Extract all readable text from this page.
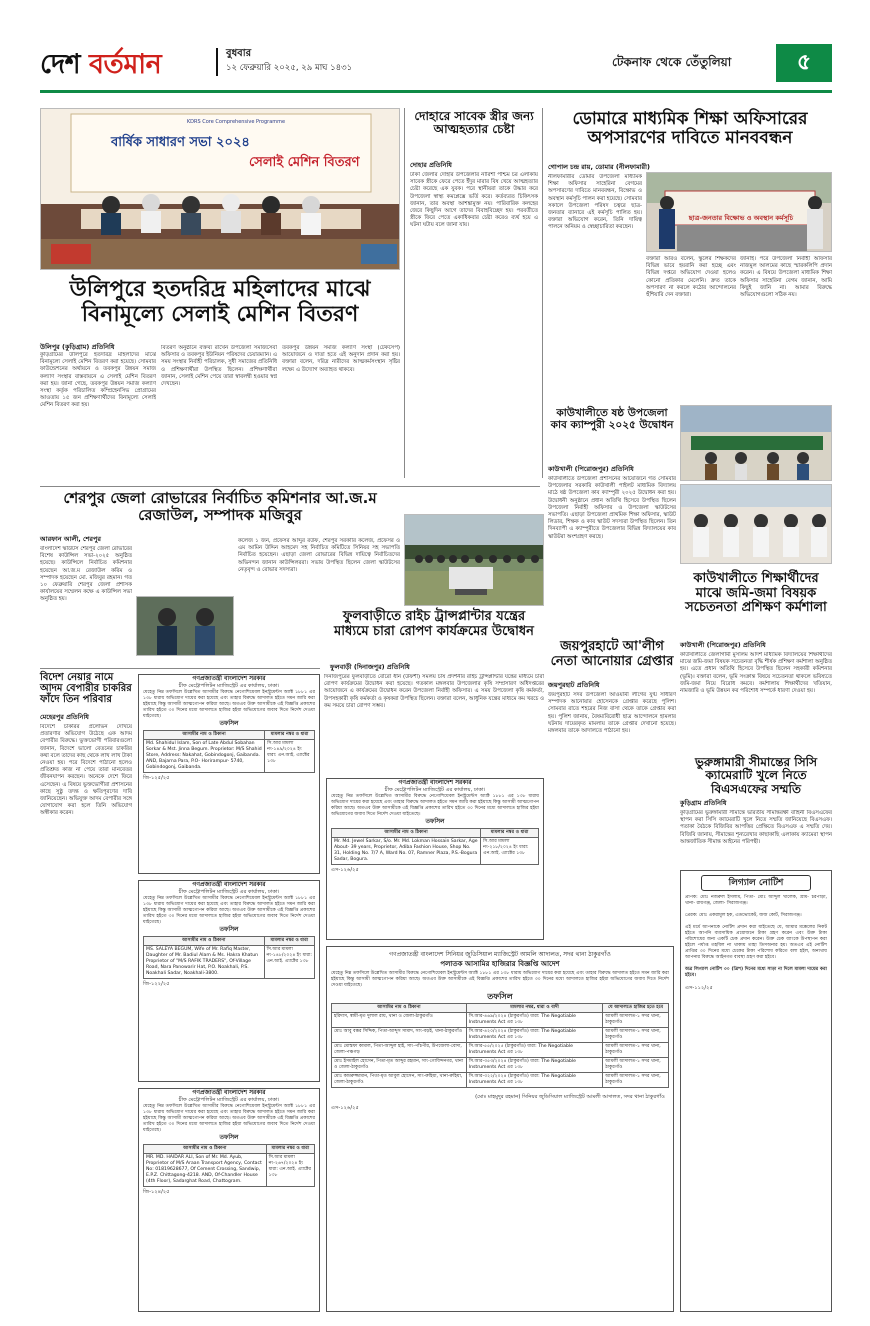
দেশ বর্তমান	বুধবার
১২ ফেব্রুয়ারি ২০২৫, ২৯ মাঘ ১৪৩১	টেকনাফ থেকে তেঁতুলিয়া	৫
KDRS Core Comprehensive Programme
বার্ষিক সাধারণ সভা ২০২৪
সেলাই মেশিন বিতরণ
উলিপুরে হতদরিদ্র মহিলাদের মাঝে বিনামূল্যে সেলাই মেশিন বিতরণ
উলিপুর (কুড়িগ্রাম) প্রতিনিধি
কুড়িগ্রামের উলিপুরে হতদরিদ্র মহিলাদের মাঝে বিনামূল্যে সেলাই মেশিন বিতরণ করা হয়েছে। সোমবার ফাউন্ডেশনের অর্থায়নে ও তবকপুর উন্নয়ন সমাজ কল্যাণ সংস্থার বাস্তবায়নে এ সেলাই মেশিন বিতরণ করা হয়। জানা গেছে, তবকপুর উন্নয়ন সমাজ কল্যাণ সংস্থা কর্তৃক পরিচালিত কম্প্রিহেনসিভ প্রোগ্রামের আওতায় ১৫ জন প্রশিক্ষণার্থীদের বিনামূল্যে সেলাই মেশিন বিতরণ করা হয়।
বিতরণ অনুষ্ঠানে বক্তব্য রাখেন উপজেলা সমাজসেবা অফিসার ও তবকপুর ইউনিয়ন পরিষদের চেয়ারম্যান। এ সময় সংস্থার নির্বাহী পরিচালক, সুধী সমাজের প্রতিনিধি ও প্রশিক্ষণার্থীরা উপস্থিত ছিলেন। প্রশিক্ষণার্থীরা জানান, সেলাই মেশিন পেয়ে তারা স্বাবলম্বী হওয়ার স্বপ্ন দেখছেন।
তবকপুর উন্নয়ন সমাজ কল্যাণ সংস্থা (টেকসেপ) আয়োজনে ও দাতা হতে এই অনুদান প্রদান করা হয়। বক্তারা বলেন, দরিদ্র নারীদের আত্মকর্মসংস্থান সৃষ্টির লক্ষ্যে এ উদ্যোগ অব্যাহত থাকবে।
দোহারে সাবেক স্ত্রীর জন্য আত্মহত্যার চেষ্টা
দোহার প্রতিনিধি
ঢাকা জেলার দোহার উপজেলার নারিশা পশ্চিম চর এলাকায় সাবেক স্ত্রীকে ফেরে পেতে ইঁদুর মারার বিষ খেয়ে আত্মহত্যার চেষ্টা করেছে এক যুবক। পরে স্থানীয়রা তাকে উদ্ধার করে উপজেলা স্বাস্থ্য কমপ্লেক্সে ভর্তি করে। কর্তব্যরত চিকিৎসক জানান, তার অবস্থা আশঙ্কামুক্ত নয়। পারিবারিক কলহের জেরে কিছুদিন আগে তাদের বিবাহবিচ্ছেদ হয়। পরবর্তীতে স্ত্রীকে ফিরে পেতে একাধিকবার চেষ্টা করেও ব্যর্থ হয়ে এ ঘটনা ঘটায় বলে জানা যায়।
ডোমারে মাধ্যমিক শিক্ষা অফিসারের অপসারণের দাবিতে মানববন্ধন
গোপাল চন্দ্র রায়, ডোমার (নীলফামারী)
নীলফামারীর ডোমার উপজেলা মাধ্যমিক শিক্ষা অফিসার সাহেরিনা বেগমের অপসারণের দাবিতে মানববন্ধন, বিক্ষোভ ও অবস্থান কর্মসূচি পালন করা হয়েছে। সোমবার সকালে উপজেলা পরিষদ চত্বরে ছাত্র-জনতার ব্যানারে এই কর্মসূচি পালিত হয়। বক্তারা অভিযোগ করেন, তিনি দায়িত্ব পালনে অনিয়ম ও স্বেচ্ছাচারিতা করছেন।
ছাত্র-জনতার বিক্ষোভ ও অবস্থান কর্মসূচি
বক্তারা আরও বলেন, স্কুলের শিক্ষকদের বিভিন্ন ভাবে হয়রানি করা হচ্ছে এবং বিভিন্ন দপ্তরে অভিযোগ দেওয়া হলেও কোনো প্রতিকার মেলেনি। দ্রুত তাকে অপসারণ না করলে কঠোর আন্দোলনের হুঁশিয়ারি দেন বক্তারা।
জানাই। পরে উপজেলা নির্বাহী অফিসার নাজমুল আলমের কাছে স্মারকলিপি প্রদান করেন। এ বিষয়ে উপজেলা মাধ্যমিক শিক্ষা অফিসার সাহেরিনা বেগম জানান, আমি কিছুই জানি না। আমার বিরুদ্ধে অভিযোগগুলো সঠিক নয়।
কাউখালীতে ষষ্ঠ উপজেলা কাব ক্যাম্পুরী ২০২৫ উদ্বোধন
কাউখালী (পিরোজপুর) প্রতিনিধি
কাউখালীতে উপজেলা প্রশাসনের আয়োজনে গত সোমবার উপজেলার সরকারি কাউখালী পাইলট মাধ্যমিক বিদ্যালয় মাঠে ষষ্ঠ উপজেলা কাব ক্যাম্পুরী ২০২৫ উদ্বোধন করা হয়। উদ্বোধনী অনুষ্ঠানে প্রধান অতিথি হিসেবে উপস্থিত ছিলেন উপজেলা নির্বাহী অফিসার ও উপজেলা স্কাউটসের সভাপতি। এছাড়া উপজেলা প্রাথমিক শিক্ষা অফিসার, স্কাউট লিডার, শিক্ষক ও কাব স্কাউট সদস্যরা উপস্থিত ছিলেন। তিন দিনব্যাপী এ ক্যাম্পুরীতে উপজেলার বিভিন্ন বিদ্যালয়ের কাব স্কাউটরা অংশগ্রহণ করছে।
কাউখালীতে শিক্ষার্থীদের মাঝে জমি-জমা বিষয়ক সচেতনতা প্রশিক্ষণ কর্মশালা
কাউখালী (পিরোজপুর) প্রতিনিধি
কাউখালীতে জেলাগামী মুসলিম আদর্শ মাধ্যমিক বিদ্যালয়ের শিক্ষার্থীদের মাঝে জমি-জমা বিষয়ক সচেতনতা বৃদ্ধি শীর্ষক প্রশিক্ষণ কর্মশালা অনুষ্ঠিত হয়। এতে প্রধান অতিথি হিসেবে উপস্থিত ছিলেন সহকারী কমিশনার (ভূমি)। বক্তারা বলেন, ভূমি সংক্রান্ত বিষয়ে সচেতনতা থাকলে ভবিষ্যতে জমি-জমা নিয়ে বিরোধ কমবে। কর্মশালায় শিক্ষার্থীদের খতিয়ান, নামজারি ও ভূমি উন্নয়ন কর পরিশোধ সম্পর্কে ধারণা দেওয়া হয়।
ভুরুঙ্গামারী সীমান্তের সিসি ক্যামেরাটি খুলে নিতে বিএসএফের সম্মতি
কুড়িগ্রাম প্রতিনিধি
কুড়িগ্রামের ভুরুঙ্গামারী সীমান্তে ভারতীয় সীমান্তরক্ষী বাহিনী বিএসএফের স্থাপন করা সিসি ক্যামেরাটি খুলে নিতে সম্মতি জানিয়েছে বিএসএফ। পতাকা বৈঠকে বিজিবির আপত্তির প্রেক্ষিতে বিএসএফ এ সম্মতি দেয়। বিজিবি জানায়, সীমান্তের শূন্যরেখার কাছাকাছি এলাকায় ক্যামেরা স্থাপন আন্তর্জাতিক সীমান্ত আইনের পরিপন্থী।
শেরপুর জেলা রোভারের নির্বাচিত কমিশনার আ.জ.ম রেজাউল, সম্পাদক মজিবুর
আরফান আলী, শেরপুর
বাংলাদেশ স্কাউটস শেরপুর জেলা রোভারের বিশেষ কাউন্সিল সভা-২০২৫ অনুষ্ঠিত হয়েছে। কাউন্সিলে নির্বাচিত কমিশনার হয়েছেন আ.জ.ম রেজাউল করিম ও সম্পাদক হয়েছেন মো. মজিবুর রহমান। গত ১০ ফেব্রুয়ারি শেরপুর জেলা প্রশাসক কার্যালয়ের সম্মেলন কক্ষে এ কাউন্সিল সভা অনুষ্ঠিত হয়।
কলেজ ১ জন, প্রফেসর আব্দুর রউফ, শেরপুর সরকারি কলেজ, প্রফেসর ও এম আমিন উদ্দিন আহমেদ সহ নির্বাচিত কমিটিতে সিনিয়র সহ সভাপতি নির্বাচিত হয়েছেন। এছাড়া জেলা রোভারের বিভিন্ন দায়িত্বে নির্বাচিতদের অভিনন্দন জানান কাউন্সিলররা। সভায় উপস্থিত ছিলেন জেলা স্কাউটসের নেতৃবৃন্দ ও রোভার সদস্যরা।
ফুলবাড়ীতে রাইচ ট্রান্সপ্লান্টার যন্ত্রের মাধ্যমে চারা রোপণ কার্যক্রমের উদ্বোধন
ফুলবাড়ী (দিনাজপুর) প্রতিনিধি
দিনাজপুরের ফুলবাড়ীতে বোরো ধান (উফশী) সমলয় চাষ প্রদর্শনীর রাইচ ট্রান্সপ্লান্টার যন্ত্রের মাধ্যমে চারা রোপণ কার্যক্রমের উদ্বোধন করা হয়েছে। গতকাল মঙ্গলবার উপজেলার কৃষি সম্প্রসারণ অধিদপ্তরের আয়োজনে এ কার্যক্রমের উদ্বোধন করেন উপজেলা নির্বাহী অফিসার। এ সময় উপজেলা কৃষি কর্মকর্তা, উপসহকারী কৃষি কর্মকর্তা ও কৃষকরা উপস্থিত ছিলেন। বক্তারা বলেন, আধুনিক যন্ত্রের মাধ্যমে কম খরচে ও কম সময়ে চারা রোপণ সম্ভব।
জয়পুরহাটে আ'লীগ নেতা আনোয়ার গ্রেপ্তার
জয়পুরহাট প্রতিনিধি
জয়পুরহাট সদর উপজেলা আওয়ামী লীগের যুগ্ম সাধারণ সম্পাদক আনোয়ার হোসেনকে গ্রেপ্তার করেছে পুলিশ। সোমবার রাতে শহরের নিজ বাসা থেকে তাকে গ্রেপ্তার করা হয়। পুলিশ জানায়, বৈষম্যবিরোধী ছাত্র আন্দোলনে হামলার ঘটনায় দায়েরকৃত মামলায় তাকে গ্রেপ্তার দেখানো হয়েছে। মঙ্গলবার তাকে আদালতে পাঠানো হয়।
বিদেশ নেয়ার নামে আদম বেপারীর চাকরির ফাঁদে তিন পরিবার
মেহেরপুর প্রতিনিধি
বিদেশে চাকরির প্রলোভন দেখিয়ে প্রতারণার অভিযোগ উঠেছে এক আদম বেপারীর বিরুদ্ধে। ভুক্তভোগী পরিবারগুলো জানান, বিদেশে ভালো বেতনের চাকরির কথা বলে তাদের কাছ থেকে লাখ লাখ টাকা নেওয়া হয়। পরে বিদেশে পাঠানো হলেও প্রতিশ্রুত কাজ না পেয়ে তারা মানবেতর জীবনযাপন করছেন। অনেকে দেশে ফিরে এসেছেন। এ বিষয়ে ভুক্তভোগীরা প্রশাসনের কাছে সুষ্ঠু তদন্ত ও ক্ষতিপূরণের দাবি জানিয়েছেন। অভিযুক্ত আদম বেপারীর সঙ্গে যোগাযোগ করা হলে তিনি অভিযোগ অস্বীকার করেন।
গণপ্রজাতন্ত্রী বাংলাদেশ সরকার
চীফ মেট্রোপলিটন ম্যাজিস্ট্রেট এর কার্যালয়, ঢাকা।
যেহেতু নিম্ন তফসিলে উল্লেখিত আসামীর বিরুদ্ধে নেগোশিয়েবল ইনস্ট্রুমেন্টস অ্যাক্ট ১৮৮১ এর ১৩৮ ধারায় অভিযোগ দায়ের করা হয়েছে এবং তাহার বিরুদ্ধে আদালত হইতে সমন জারি করা হইয়াছে কিন্তু আসামী আত্মগোপন করিয়া আছে। অতএব উক্ত আসামীকে এই বিজ্ঞপ্তি প্রকাশের তারিখ হইতে ৩০ দিনের মধ্যে আদালতে হাজির হইয়া অভিযোগের জবাব দিতে নির্দেশ দেওয়া যাইতেছে।
তফসিল
আসামীর নাম ও ঠিকানা	মামলার নম্বর ও ধারা
Md. Shahidul Islam, Son of Late Abdul Sobahan Sorkar & Mst. Jinna Begum. Proprietor: M/S Shahid Store, Address: Nakahat, Gobindogonj, Gaibanda. AND, Bajarna Para, P.O- Horirampur- 5740, Gobindogonj, Gaibanda.	সি.আর মামলা নং-১৪৯/২০২৪ ইং ধারা: এন.আই. এ্যাক্টের ১৩৮
জি-১২৫/২৫
গণপ্রজাতন্ত্রী বাংলাদেশ সরকার
চীফ মেট্রোপলিটন ম্যাজিস্ট্রেট এর কার্যালয়, ঢাকা।
যেহেতু নিম্ন তফসিলে উল্লেখিত আসামীর বিরুদ্ধে নেগোশিয়েবল ইনস্ট্রুমেন্টস অ্যাক্ট ১৮৮১ এর ১৩৮ ধারায় অভিযোগ দায়ের করা হয়েছে এবং তাহার বিরুদ্ধে আদালত হইতে সমন জারি করা হইয়াছে কিন্তু আসামী আত্মগোপন করিয়া আছে। অতএব উক্ত আসামীকে এই বিজ্ঞপ্তি প্রকাশের তারিখ হইতে ৩০ দিনের মধ্যে আদালতে হাজির হইয়া অভিযোগের জবাব দিতে নির্দেশ দেওয়া যাইতেছে।
তফসিল
আসামীর নাম ও ঠিকানা	মামলার নম্বর ও ধারা
MS. SALEYA BEGUM, Wife of Mr. Rafiq Master, Daughter of Mr. Badiul Alam & Ms. Hakra Khatun Proprietor of "M/S RAFIK TRADERS", Of-Village Road, Nara Panowarir Hat, P.O. Noakhali, P.S. Noakhali Sadar, Noakhali-3800.	সি.আর মামলা নং-১৪৮/২০২৪ ইং ধারা: এন.আই. এ্যাক্টের ১৩৮
জি-১২২/২৫
গণপ্রজাতন্ত্রী বাংলাদেশ সরকার
চীফ মেট্রোপলিটন ম্যাজিস্ট্রেট এর কার্যালয়, ঢাকা।
যেহেতু নিম্ন তফসিলে উল্লেখিত আসামীর বিরুদ্ধে নেগোশিয়েবল ইনস্ট্রুমেন্টস অ্যাক্ট ১৮৮১ এর ১৩৮ ধারায় অভিযোগ দায়ের করা হয়েছে এবং তাহার বিরুদ্ধে আদালত হইতে সমন জারি করা হইয়াছে কিন্তু আসামী আত্মগোপন করিয়া আছে। অতএব উক্ত আসামীকে এই বিজ্ঞপ্তি প্রকাশের তারিখ হইতে ৩০ দিনের মধ্যে আদালতে হাজির হইয়া অভিযোগের জবাব দিতে নির্দেশ দেওয়া যাইতেছে।
তফসিল
আসামীর নাম ও ঠিকানা	মামলার নম্বর ও ধারা
MR. MD. HAIDAR ALI, Son of Mr. Md. Ayub, Proprietor of M/S Araan Transport Agency, Contact No: 01819628677, Of Cement Crossing, Sandwip, E.P.Z. Chittagong-4218. AND, Of-Chandler House (4th Floor), Sadarghat Road, Chattogram.	সি.আর মামলা নং-২৬৭/২০২৪ ইং ধারা: এন.আই. এ্যাক্টের ১৩৮
জি-১২৪/২৫
গণপ্রজাতন্ত্রী বাংলাদেশ সরকার
চীফ মেট্রোপলিটন ম্যাজিস্ট্রেট এর কার্যালয়, ঢাকা।
যেহেতু নিম্ন তফসিলে উল্লেখিত আসামীর বিরুদ্ধে নেগোশিয়েবল ইনস্ট্রুমেন্টস অ্যাক্ট ১৮৮১ এর ১৩৮ ধারায় অভিযোগ দায়ের করা হয়েছে এবং তাহার বিরুদ্ধে আদালত হইতে সমন জারি করা হইয়াছে কিন্তু আসামী আত্মগোপন করিয়া আছে। অতএব উক্ত আসামীকে এই বিজ্ঞপ্তি প্রকাশের তারিখ হইতে ৩০ দিনের মধ্যে আদালতে হাজির হইয়া অভিযোগের জবাব দিতে নির্দেশ দেওয়া যাইতেছে।
তফসিল
আসামীর নাম ও ঠিকানা	মামলার নম্বর ও ধারা
Mr. Md. Jewel Sarkar, S/o. Mr. Md. Lokman Hossain Sarkar, Age About- 39 years, Proprietor, Adiba Fashion House, Shop No. 31, Holding No. 7/7 A, Ward No. 07, Ramner Plaza, P.S.-Bogura Sadar, Bogura.	সি.আর মামলা নং-২১৮/২০২৪ ইং ধারা: এন.আই. এ্যাক্টের ১৩৮
এস-১২৬/২৫
গণপ্রজাতন্ত্রী বাংলাদেশ সিনিয়র জুডিসিয়াল ম্যাজিস্ট্রেট আমলি আদালত, সদর থানা ঠাকুরগাঁও
পলাতক আসামির হাজিরার বিজ্ঞপ্তি আদেশ
যেহেতু নিম্ন তফসিলে উল্লেখিত আসামীর বিরুদ্ধে নেগোশিয়েবল ইনস্ট্রুমেন্টস অ্যাক্ট ১৮৮১ এর ১৩৮ ধারায় অভিযোগ দায়ের করা হয়েছে এবং তাহার বিরুদ্ধে আদালত হইতে সমন জারি করা হইয়াছে কিন্তু আসামী আত্মগোপন করিয়া আছে। অতএব উক্ত আসামীকে এই বিজ্ঞপ্তি প্রকাশের তারিখ হইতে ৩০ দিনের মধ্যে আদালতে হাজির হইয়া অভিযোগের জবাব দিতে নির্দেশ দেওয়া যাইতেছে।
তফসিল
আসামির নাম ও ঠিকানা	মামলার নম্বর, ধারা ও বাদী	যে আদালতে হাজির হতে হবে
হরিদাস, স্বামী-মৃত দুলাল রায়, থানা ও জেলা-ঠাকুরগাঁও	সি.আর-৪৬৯/২০২৪ (ঠাকুরগাঁও) ধারা: The Negotiable Instruments Act এর ১৩৮	আমলী আদালত-১ সদর থানা, ঠাকুরগাঁও
মোঃ আবু বক্কর সিদ্দিক, পিতা-আব্দুস সামাদ, সাং-বড়ই, থানা-ঠাকুরগাঁও	সি.আর-৪২০/২০২৪ (ঠাকুরগাঁও) ধারা: The Negotiable Instruments Act এর ১৩৮	আমলী আদালত-১ সদর থানা, ঠাকুরগাঁও
মোঃ মোস্তফা কামাল, পিতা-আব্দুল হাই, সাং-পাঁচপীর, উপজেলা-বোদা, জেলা-পঞ্চগড়	সি.আর-৫৫/২০২৫ (ঠাকুরগাঁও) ধারা: The Negotiable Instruments Act এর ১৩৮	আমলী আদালত-১ সদর থানা, ঠাকুরগাঁও
মোঃ ইসমাইল হোসেন, পিতা-মৃত আব্দুর রহমান, সাং-গোবিন্দনগর, থানা ও জেলা-ঠাকুরগাঁও	সি.আর-৩৫৩/২০২৪ (ঠাকুরগাঁও) ধারা: The Negotiable Instruments Act এর ১৩৮	আমলী আদালত-১ সদর থানা, ঠাকুরগাঁও
মোঃ কামরুজ্জামান, পিতা-মৃত আবুল হোসেন, সাং-রুহিয়া, থানা-রুহিয়া, জেলা-ঠাকুরগাঁও	সি.আর-৩২২/২০২৪ (ঠাকুরগাঁও) ধারা: The Negotiable Instruments Act এর ১৩৮	আমলী আদালত-১ সদর থানা, ঠাকুরগাঁও
(মোঃ মাহমুদুর রহমান) সিনিয়র জুডিসিয়াল ম্যাজিস্ট্রেট আমলী আদালত, সদর থানা ঠাকুরগাঁও
এস-১২৬/২৫
লিগ্যাল নোটিশ
প্রাপক: মোঃ নজরুল ইসলাম, পিতা- মোঃ আব্দুল খালেক, গ্রাম- চরপাড়া, থানা- রায়গঞ্জ, জেলা- সিরাজগঞ্জ।
প্রেরক: মোঃ একরামুল হক, এডভোকেট, জজ কোর্ট, সিরাজগঞ্জ।
এই মর্মে আপনাকে নোটিশ প্রদান করা যাইতেছে যে, আমার মক্কেলের নিকট হইতে আপনি ব্যবসায়িক প্রয়োজনে টাকা গ্রহণ করেন এবং উক্ত টাকা পরিশোধের জন্য একটি চেক প্রদান করেন। উক্ত চেক ব্যাংকে উপস্থাপন করা হইলে পর্যাপ্ত তহবিল না থাকায় তাহা ডিসঅনার হয়। অতএব এই নোটিশ প্রাপ্তির ৩০ দিনের মধ্যে চেকের টাকা পরিশোধ করিতে বলা হইল, অন্যথায় আপনার বিরুদ্ধে আইনগত ব্যবস্থা গ্রহণ করা হইবে।
অত্র লিগ্যাল নোটিশ ৩০ (ত্রিশ) দিনের মধ্যে সাড়া না দিলে মামলা দায়ের করা হইবে।
এস-১১২/২৫
